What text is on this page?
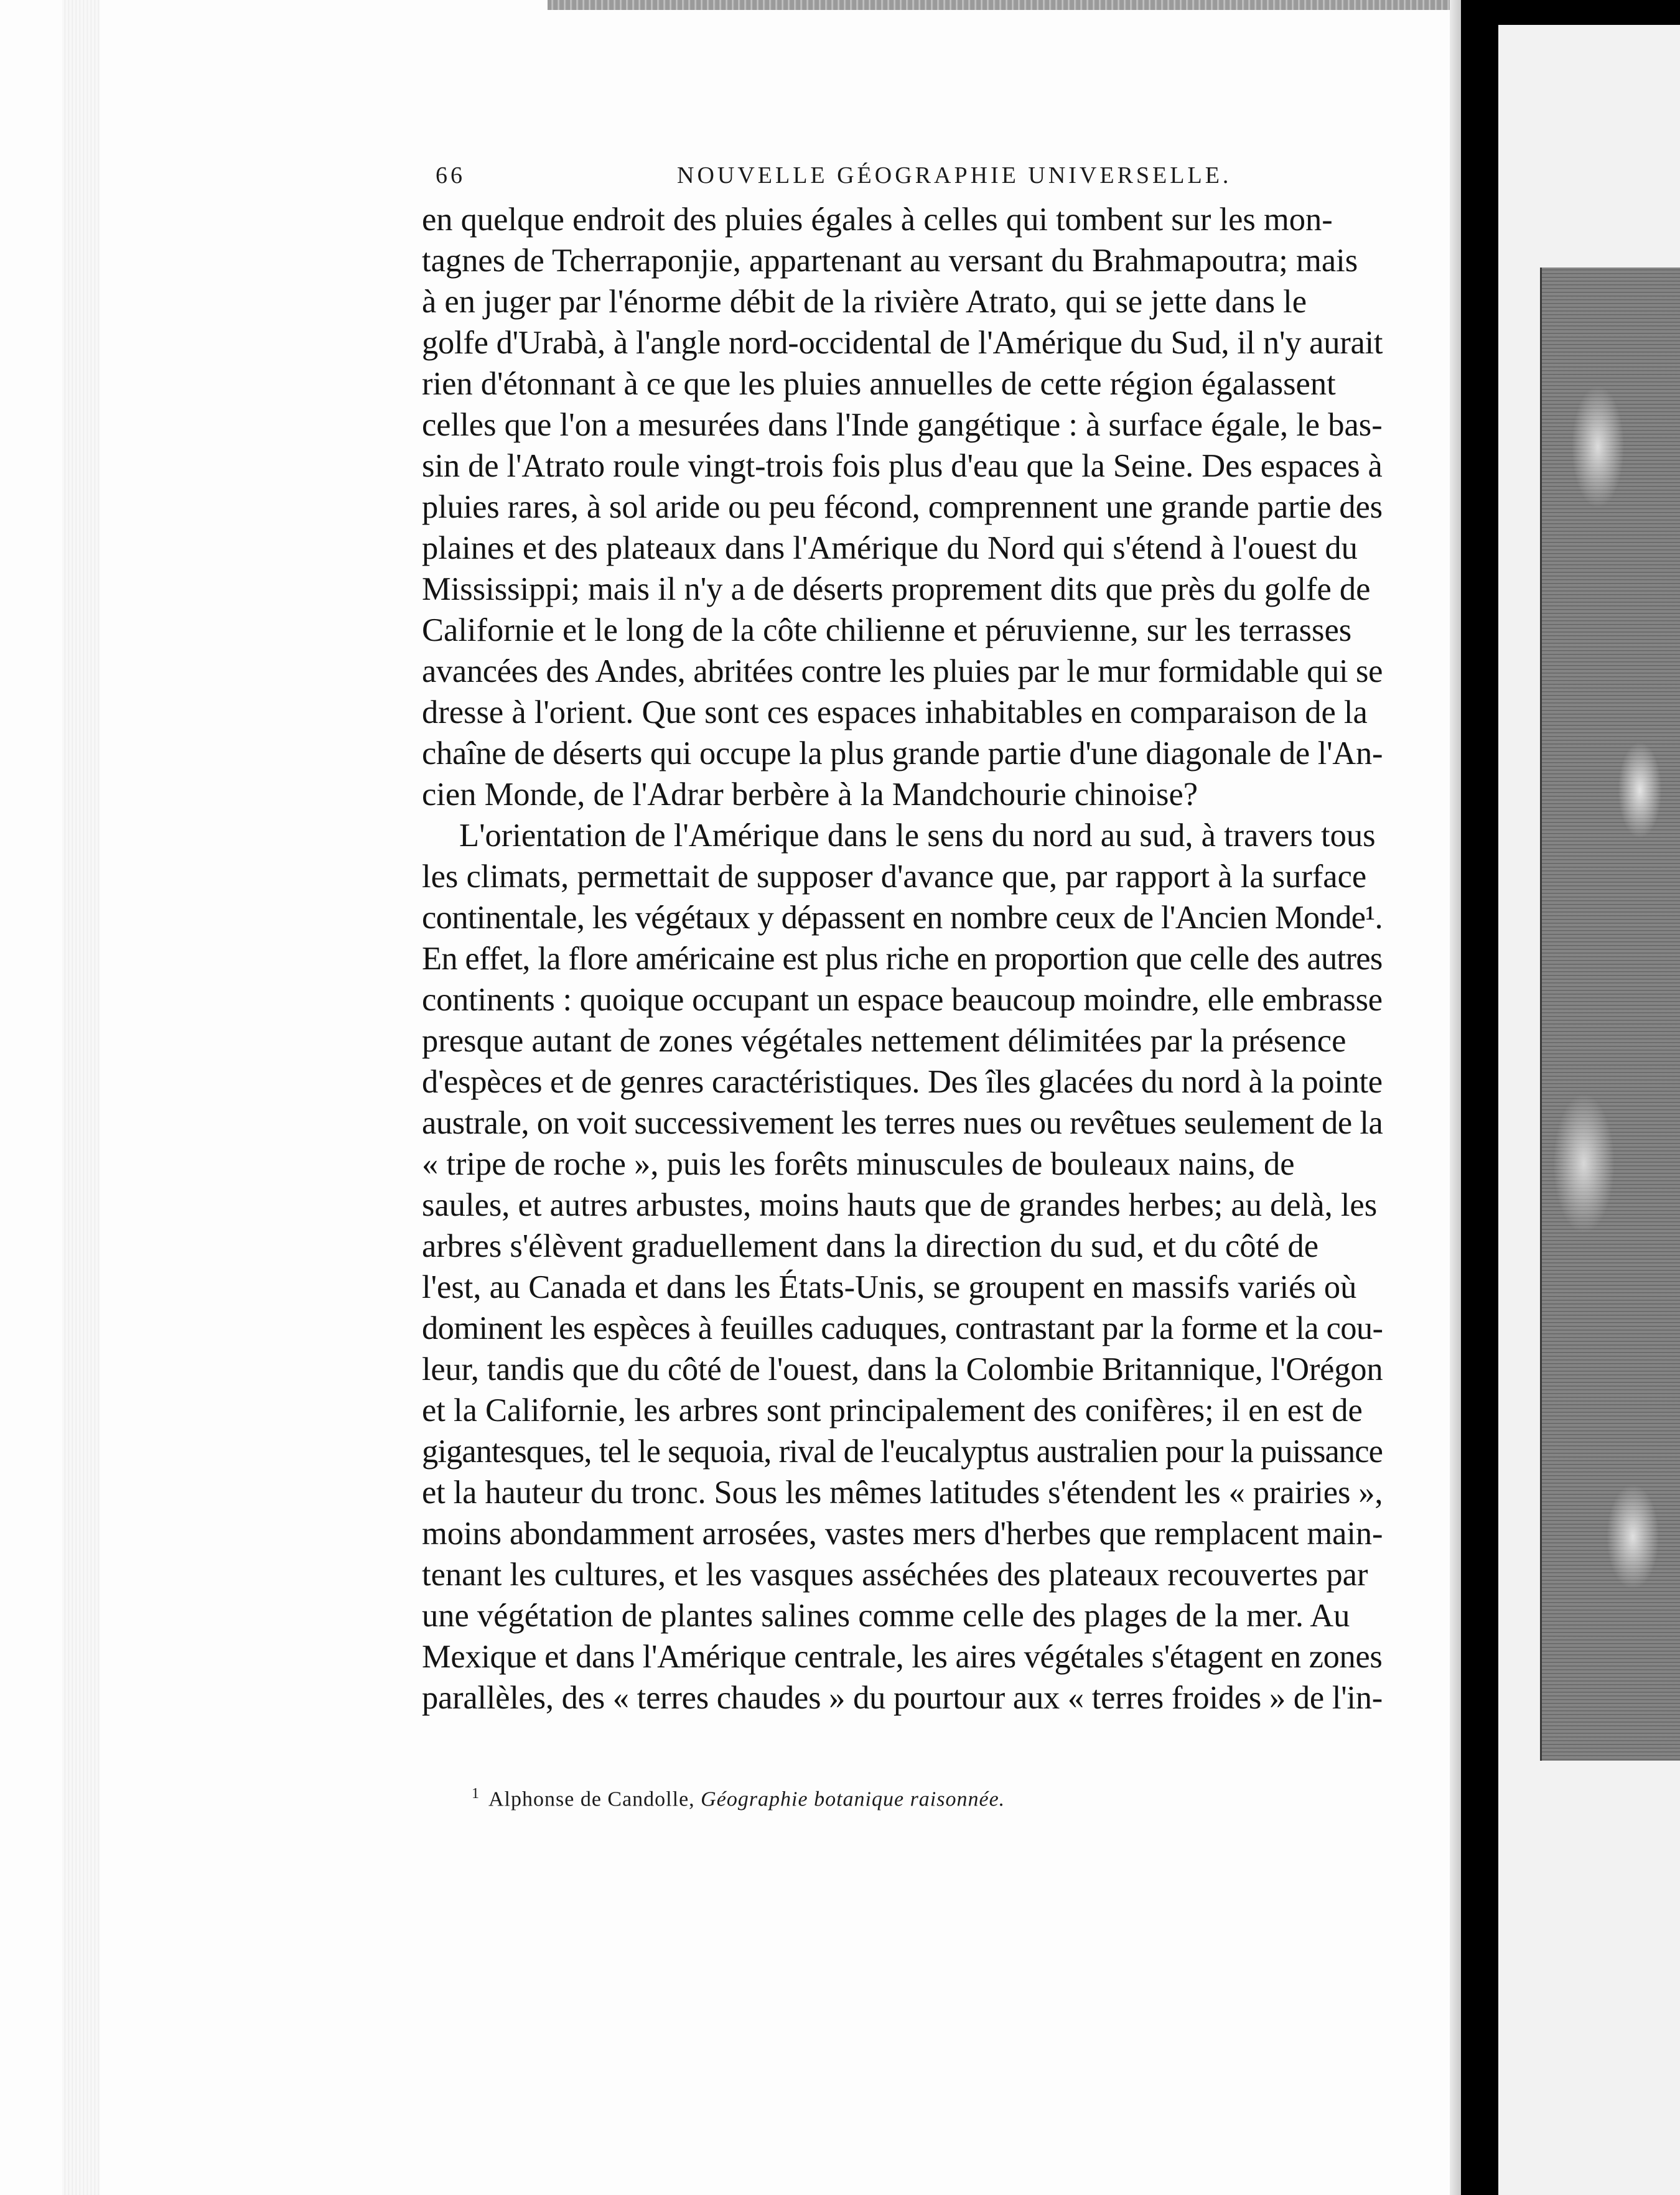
66	NOUVELLE GÉOGRAPHIE UNIVERSELLE.
en quelque endroit des pluies égales à celles qui tombent sur les mon-
tagnes de Tcherraponjie, appartenant au versant du Brahmapoutra; mais
à en juger par l'énorme débit de la rivière Atrato, qui se jette dans le
golfe d'Urabà, à l'angle nord-occidental de l'Amérique du Sud, il n'y aurait
rien d'étonnant à ce que les pluies annuelles de cette région égalassent
celles que l'on a mesurées dans l'Inde gangétique : à surface égale, le bas-
sin de l'Atrato roule vingt-trois fois plus d'eau que la Seine. Des espaces à
pluies rares, à sol aride ou peu fécond, comprennent une grande partie des
plaines et des plateaux dans l'Amérique du Nord qui s'étend à l'ouest du
Mississippi; mais il n'y a de déserts proprement dits que près du golfe de
Californie et le long de la côte chilienne et péruvienne, sur les terrasses
avancées des Andes, abritées contre les pluies par le mur formidable qui se
dresse à l'orient. Que sont ces espaces inhabitables en comparaison de la
chaîne de déserts qui occupe la plus grande partie d'une diagonale de l'An-
cien Monde, de l'Adrar berbère à la Mandchourie chinoise?
L'orientation de l'Amérique dans le sens du nord au sud, à travers tous
les climats, permettait de supposer d'avance que, par rapport à la surface
continentale, les végétaux y dépassent en nombre ceux de l'Ancien Monde¹.
En effet, la flore américaine est plus riche en proportion que celle des autres
continents : quoique occupant un espace beaucoup moindre, elle embrasse
presque autant de zones végétales nettement délimitées par la présence
d'espèces et de genres caractéristiques. Des îles glacées du nord à la pointe
australe, on voit successivement les terres nues ou revêtues seulement de la
« tripe de roche », puis les forêts minuscules de bouleaux nains, de
saules, et autres arbustes, moins hauts que de grandes herbes; au delà, les
arbres s'élèvent graduellement dans la direction du sud, et du côté de
l'est, au Canada et dans les États-Unis, se groupent en massifs variés où
dominent les espèces à feuilles caduques, contrastant par la forme et la cou-
leur, tandis que du côté de l'ouest, dans la Colombie Britannique, l'Orégon
et la Californie, les arbres sont principalement des conifères; il en est de
gigantesques, tel le sequoia, rival de l'eucalyptus australien pour la puissance
et la hauteur du tronc. Sous les mêmes latitudes s'étendent les « prairies »,
moins abondamment arrosées, vastes mers d'herbes que remplacent main-
tenant les cultures, et les vasques asséchées des plateaux recouvertes par
une végétation de plantes salines comme celle des plages de la mer. Au
Mexique et dans l'Amérique centrale, les aires végétales s'étagent en zones
parallèles, des « terres chaudes » du pourtour aux « terres froides » de l'in-
$^1$ Alphonse de Candolle, Géographie botanique raisonnée.
